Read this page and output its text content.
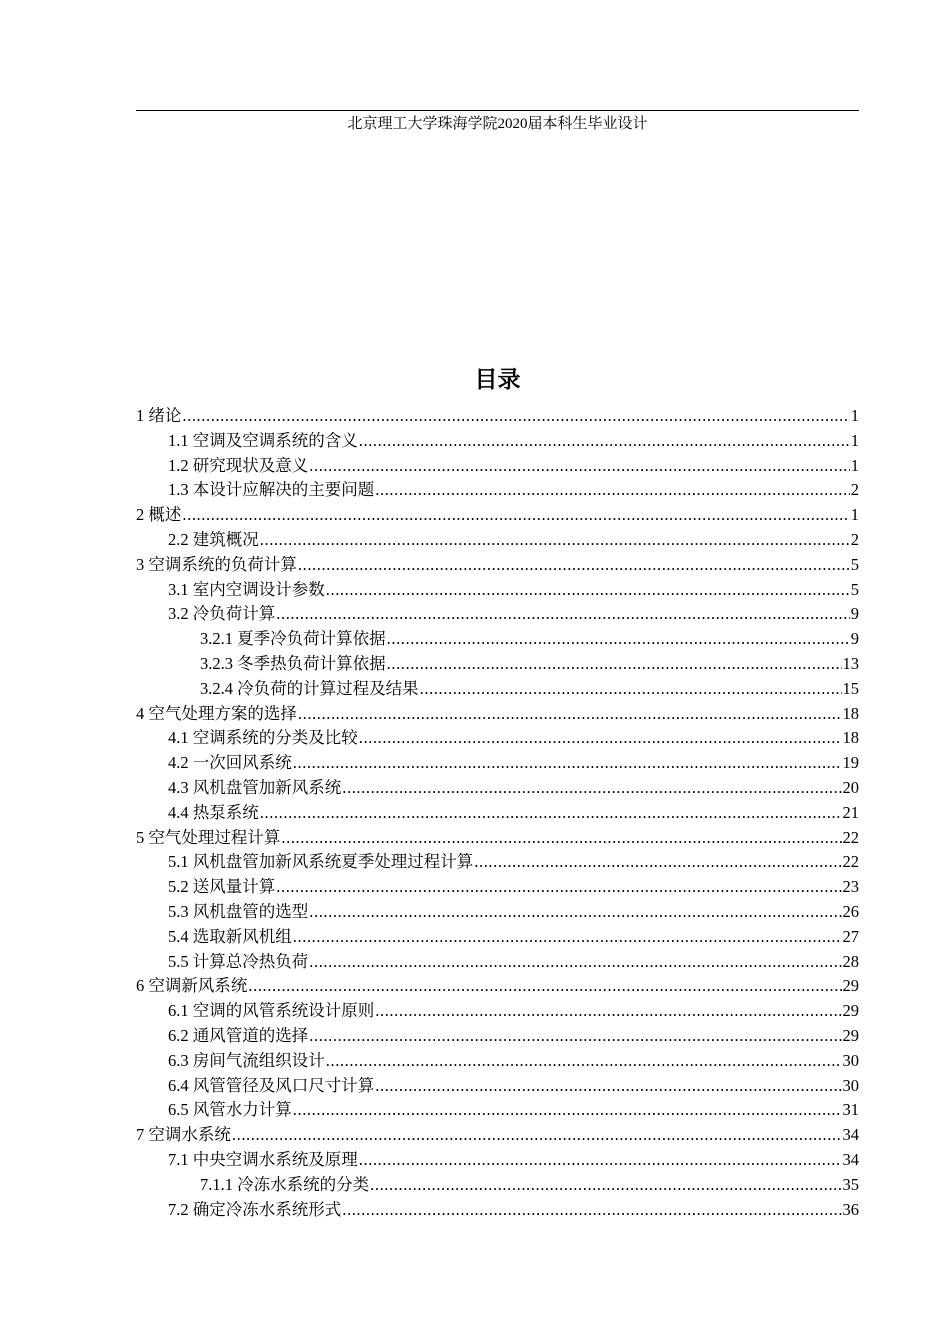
北京理工大学珠海学院2020届本科生毕业设计
目录
1 绪论 .....	1
1.1 空调及空调系统的含义 .....	1
1.2 研究现状及意义 .....	1
1.3 本设计应解决的主要问题 .....	2
2 概述 .....	1
2.2 建筑概况 .....	2
3 空调系统的负荷计算 .....	5
3.1 室内空调设计参数 .....	5
3.2 冷负荷计算 .....	9
3.2.1 夏季冷负荷计算依据 .....	9
3.2.3 冬季热负荷计算依据 .....	13
3.2.4 冷负荷的计算过程及结果 .....	15
4 空气处理方案的选择 .....	18
4.1 空调系统的分类及比较 .....	18
4.2 一次回风系统 .....	19
4.3 风机盘管加新风系统 .....	20
4.4 热泵系统 .....	21
5 空气处理过程计算 .....	22
5.1 风机盘管加新风系统夏季处理过程计算 .....	22
5.2 送风量计算 .....	23
5.3 风机盘管的选型 .....	26
5.4 选取新风机组 .....	27
5.5 计算总冷热负荷 .....	28
6 空调新风系统 .....	29
6.1 空调的风管系统设计原则 .....	29
6.2 通风管道的选择 .....	29
6.3 房间气流组织设计 .....	30
6.4 风管管径及风口尺寸计算 .....	30
6.5 风管水力计算 .....	31
7 空调水系统 .....	34
7.1 中央空调水系统及原理 .....	34
7.1.1 冷冻水系统的分类 .....	35
7.2 确定冷冻水系统形式 .....	36
